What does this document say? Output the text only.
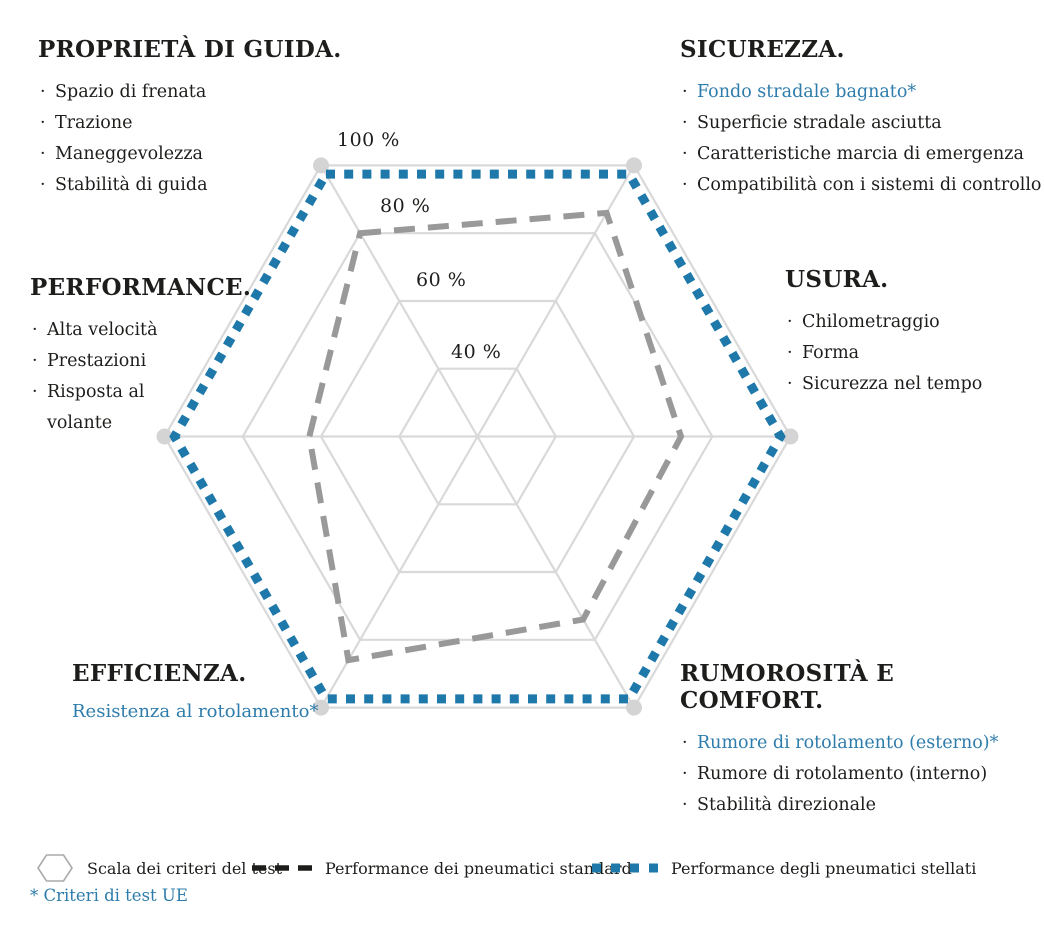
100 %
80 %
60 %
40 %
PROPRIETÀ DI GUIDA.
· Spazio di frenata
· Trazione
· Maneggevolezza
· Stabilità di guida
SICUREZZA.
· Fondo stradale bagnato*
· Superficie stradale asciutta
· Caratteristiche marcia di emergenza
· Compatibilità con i sistemi di controllo
PERFORMANCE.
· Alta velocità
· Prestazioni
· Risposta al volante
USURA.
· Chilometraggio
· Forma
· Sicurezza nel tempo
EFFICIENZA.
Resistenza al rotolamento*
RUMOROSITÀ E COMFORT.
· Rumore di rotolamento (esterno)*
· Rumore di rotolamento (interno)
· Stabilità direzionale
Scala dei criteri del test	Performance dei pneumatici standard Performance degli pneumatici stellati
* Criteri di test UE
